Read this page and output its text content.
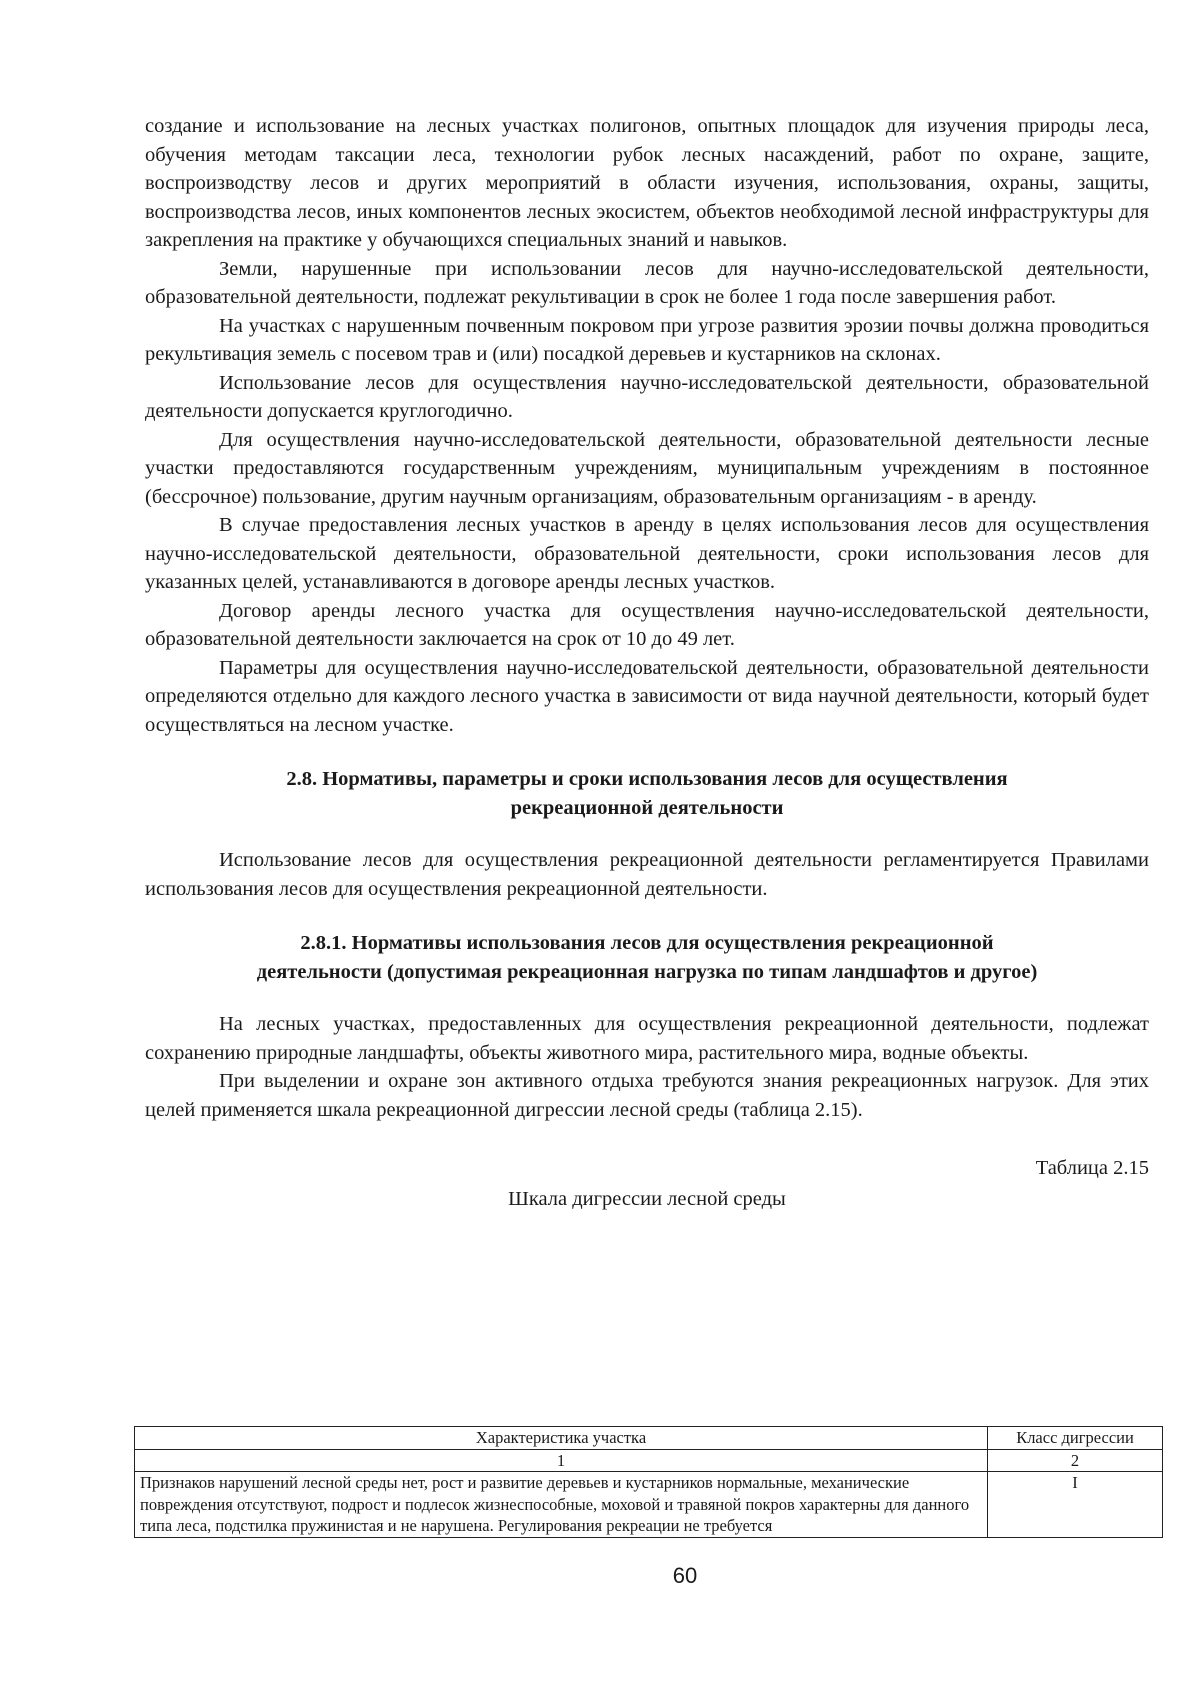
создание и использование на лесных участках полигонов, опытных площадок для изучения природы леса, обучения методам таксации леса, технологии рубок лесных насаждений, работ по охране, защите, воспроизводству лесов и других мероприятий в области изучения, использования, охраны, защиты, воспроизводства лесов, иных компонентов лесных экосистем, объектов необходимой лесной инфраструктуры для закрепления на практике у обучающихся специальных знаний и навыков.

Земли, нарушенные при использовании лесов для научно-исследовательской деятельности, образовательной деятельности, подлежат рекультивации в срок не более 1 года после завершения работ.

На участках с нарушенным почвенным покровом при угрозе развития эрозии почвы должна проводиться рекультивация земель с посевом трав и (или) посадкой деревьев и кустарников на склонах.

Использование лесов для осуществления научно-исследовательской деятельности, образовательной деятельности допускается круглогодично.

Для осуществления научно-исследовательской деятельности, образовательной деятельности лесные участки предоставляются государственным учреждениям, муниципальным учреждениям в постоянное (бессрочное) пользование, другим научным организациям, образовательным организациям - в аренду.

В случае предоставления лесных участков в аренду в целях использования лесов для осуществления научно-исследовательской деятельности, образовательной деятельности, сроки использования лесов для указанных целей, устанавливаются в договоре аренды лесных участков.

Договор аренды лесного участка для осуществления научно-исследовательской деятельности, образовательной деятельности заключается на срок от 10 до 49 лет.

Параметры для осуществления научно-исследовательской деятельности, образовательной деятельности определяются отдельно для каждого лесного участка в зависимости от вида научной деятельности, который будет осуществляться на лесном участке.

2.8. Нормативы, параметры и сроки использования лесов для осуществления
рекреационной деятельности

Использование лесов для осуществления рекреационной деятельности регламентируется Правилами использования лесов для осуществления рекреационной деятельности.

2.8.1. Нормативы использования лесов для осуществления рекреационной
деятельности (допустимая рекреационная нагрузка по типам ландшафтов и другое)

На лесных участках, предоставленных для осуществления рекреационной деятельности, подлежат сохранению природные ландшафты, объекты животного мира, растительного мира, водные объекты.

При выделении и охране зон активного отдыха требуются знания рекреационных нагрузок. Для этих целей применяется шкала рекреационной дигрессии лесной среды (таблица 2.15).

Таблица 2.15

Шкала дигрессии лесной среды

Характеристика участка	Класс дигрессии
1	2
Признаков нарушений лесной среды нет, рост и развитие деревьев и кустарников нормальные, механические повреждения отсутствуют, подрост и подлесок жизнеспособные, моховой и травяной покров характерны для данного типа леса, подстилка пружинистая и не нарушена. Регулирования рекреации не требуется	I
60
